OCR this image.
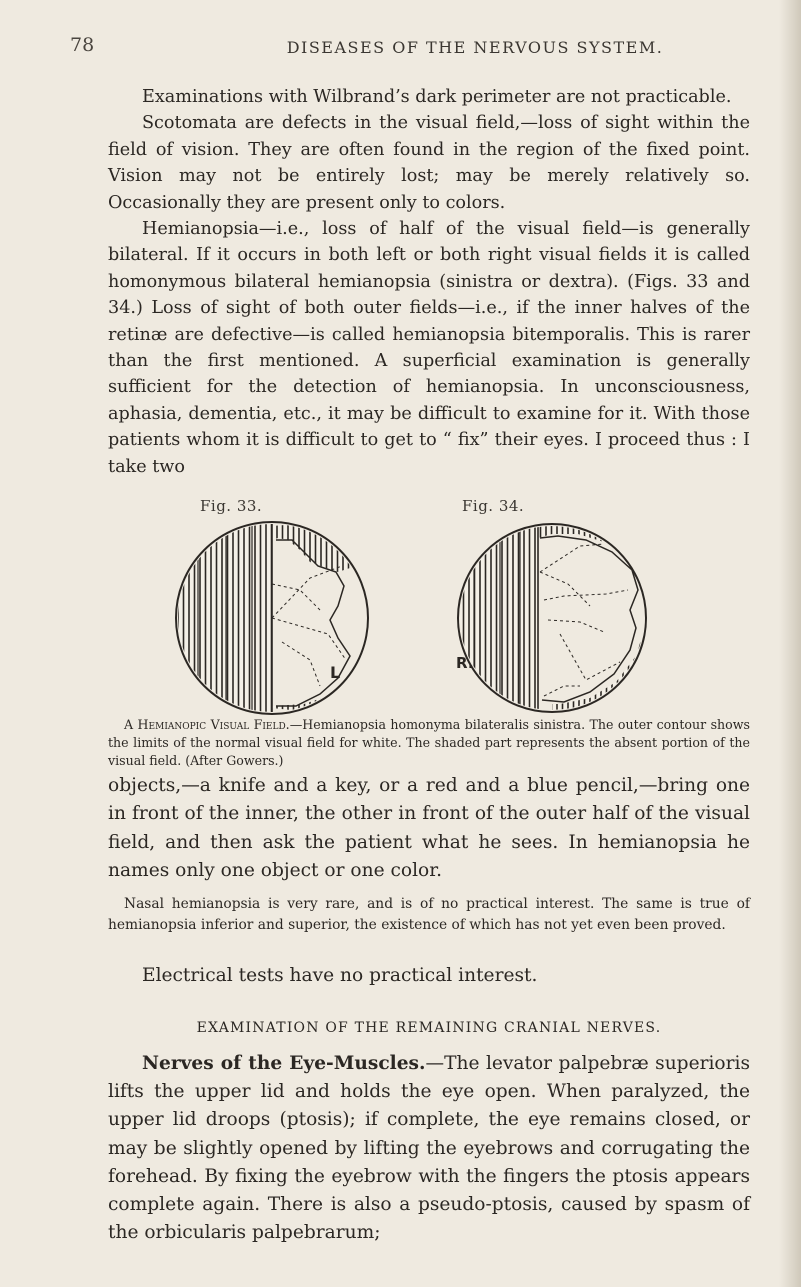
78	DISEASES OF THE NERVOUS SYSTEM.

Examinations with Wilbrand’s dark perimeter are not practicable.

Scotomata are defects in the visual field,—loss of sight within the field of vision. They are often found in the region of the fixed point. Vision may not be entirely lost; may be merely relatively so. Occasionally they are present only to colors.

Hemianopsia—i.e., loss of half of the visual field—is generally bilateral. If it occurs in both left or both right visual fields it is called homonymous bilateral hemianopsia (sinistra or dextra). (Figs. 33 and 34.) Loss of sight of both outer fields—i.e., if the inner halves of the retinæ are defective—is called hemianopsia bitemporalis. This is rarer than the first mentioned. A superficial examination is generally sufficient for the detection of hemianopsia. In unconsciousness, aphasia, dementia, etc., it may be difficult to examine for it. With those patients whom it is difficult to get to “ fix” their eyes. I proceed thus : I take two

Fig. 33.	Fig. 34.
L	R.

A Hemianopic Visual Field.—Hemianopsia homonyma bilateralis sinistra. The outer contour shows the limits of the normal visual field for white. The shaded part represents the absent portion of the visual field. (After Gowers.)

objects,—a knife and a key, or a red and a blue pencil,—bring one in front of the inner, the other in front of the outer half of the visual field, and then ask the patient what he sees. In hemianopsia he names only one object or one color.

Nasal hemianopsia is very rare, and is of no practical interest. The same is true of hemianopsia inferior and superior, the existence of which has not yet even been proved.

Electrical tests have no practical interest.

EXAMINATION OF THE REMAINING CRANIAL NERVES.

Nerves of the Eye-Muscles.—The levator palpebræ superioris lifts the upper lid and holds the eye open. When paralyzed, the upper lid droops (ptosis); if complete, the eye remains closed, or may be slightly opened by lifting the eyebrows and corrugating the forehead. By fixing the eyebrow with the fingers the ptosis appears complete again. There is also a pseudo-ptosis, caused by spasm of the orbicularis palpebrarum;
